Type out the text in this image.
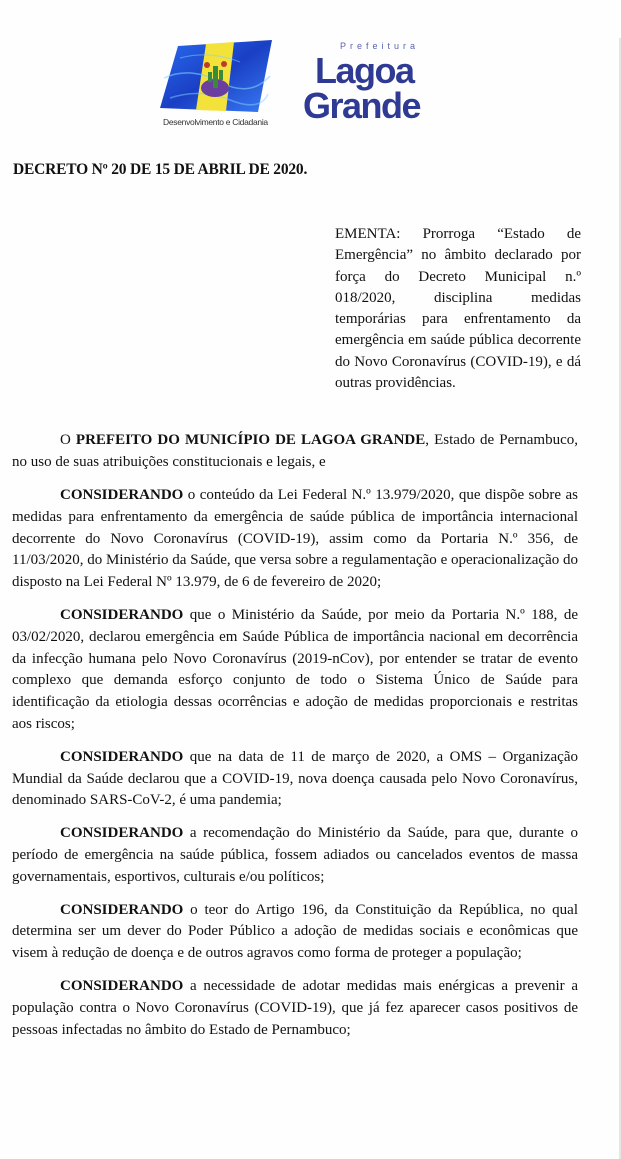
Desenvolvimento e Cidadania
Prefeitura
Lagoa
Grande
DECRETO Nº 20 DE 15 DE ABRIL DE 2020.
EMENTA: Prorroga “Estado de Emergência” no âmbito declarado por força do Decreto Municipal n.º 018/2020, disciplina medidas temporárias para enfrentamento da emergência em saúde pública decorrente do Novo Coronavírus (COVID-19), e dá outras providências.
O PREFEITO DO MUNICÍPIO DE LAGOA GRANDE, Estado de Pernambuco, no uso de suas atribuições constitucionais e legais, e
CONSIDERANDO o conteúdo da Lei Federal N.º 13.979/2020, que dispõe sobre as medidas para enfrentamento da emergência de saúde pública de importância internacional decorrente do Novo Coronavírus (COVID-19), assim como da Portaria N.º 356, de 11/03/2020, do Ministério da Saúde, que versa sobre a regulamentação e operacionalização do disposto na Lei Federal Nº 13.979, de 6 de fevereiro de 2020;
CONSIDERANDO que o Ministério da Saúde, por meio da Portaria N.º 188, de 03/02/2020, declarou emergência em Saúde Pública de importância nacional em decorrência da infecção humana pelo Novo Coronavírus (2019-nCov), por entender se tratar de evento complexo que demanda esforço conjunto de todo o Sistema Único de Saúde para identificação da etiologia dessas ocorrências e adoção de medidas proporcionais e restritas aos riscos;
CONSIDERANDO que na data de 11 de março de 2020, a OMS – Organização Mundial da Saúde declarou que a COVID-19, nova doença causada pelo Novo Coronavírus, denominado SARS-CoV-2, é uma pandemia;
CONSIDERANDO a recomendação do Ministério da Saúde, para que, durante o período de emergência na saúde pública, fossem adiados ou cancelados eventos de massa governamentais, esportivos, culturais e/ou políticos;
CONSIDERANDO o teor do Artigo 196, da Constituição da República, no qual determina ser um dever do Poder Público a adoção de medidas sociais e econômicas que visem à redução de doença e de outros agravos como forma de proteger a população;
CONSIDERANDO a necessidade de adotar medidas mais enérgicas a prevenir a população contra o Novo Coronavírus (COVID-19), que já fez aparecer casos positivos de pessoas infectadas no âmbito do Estado de Pernambuco;
